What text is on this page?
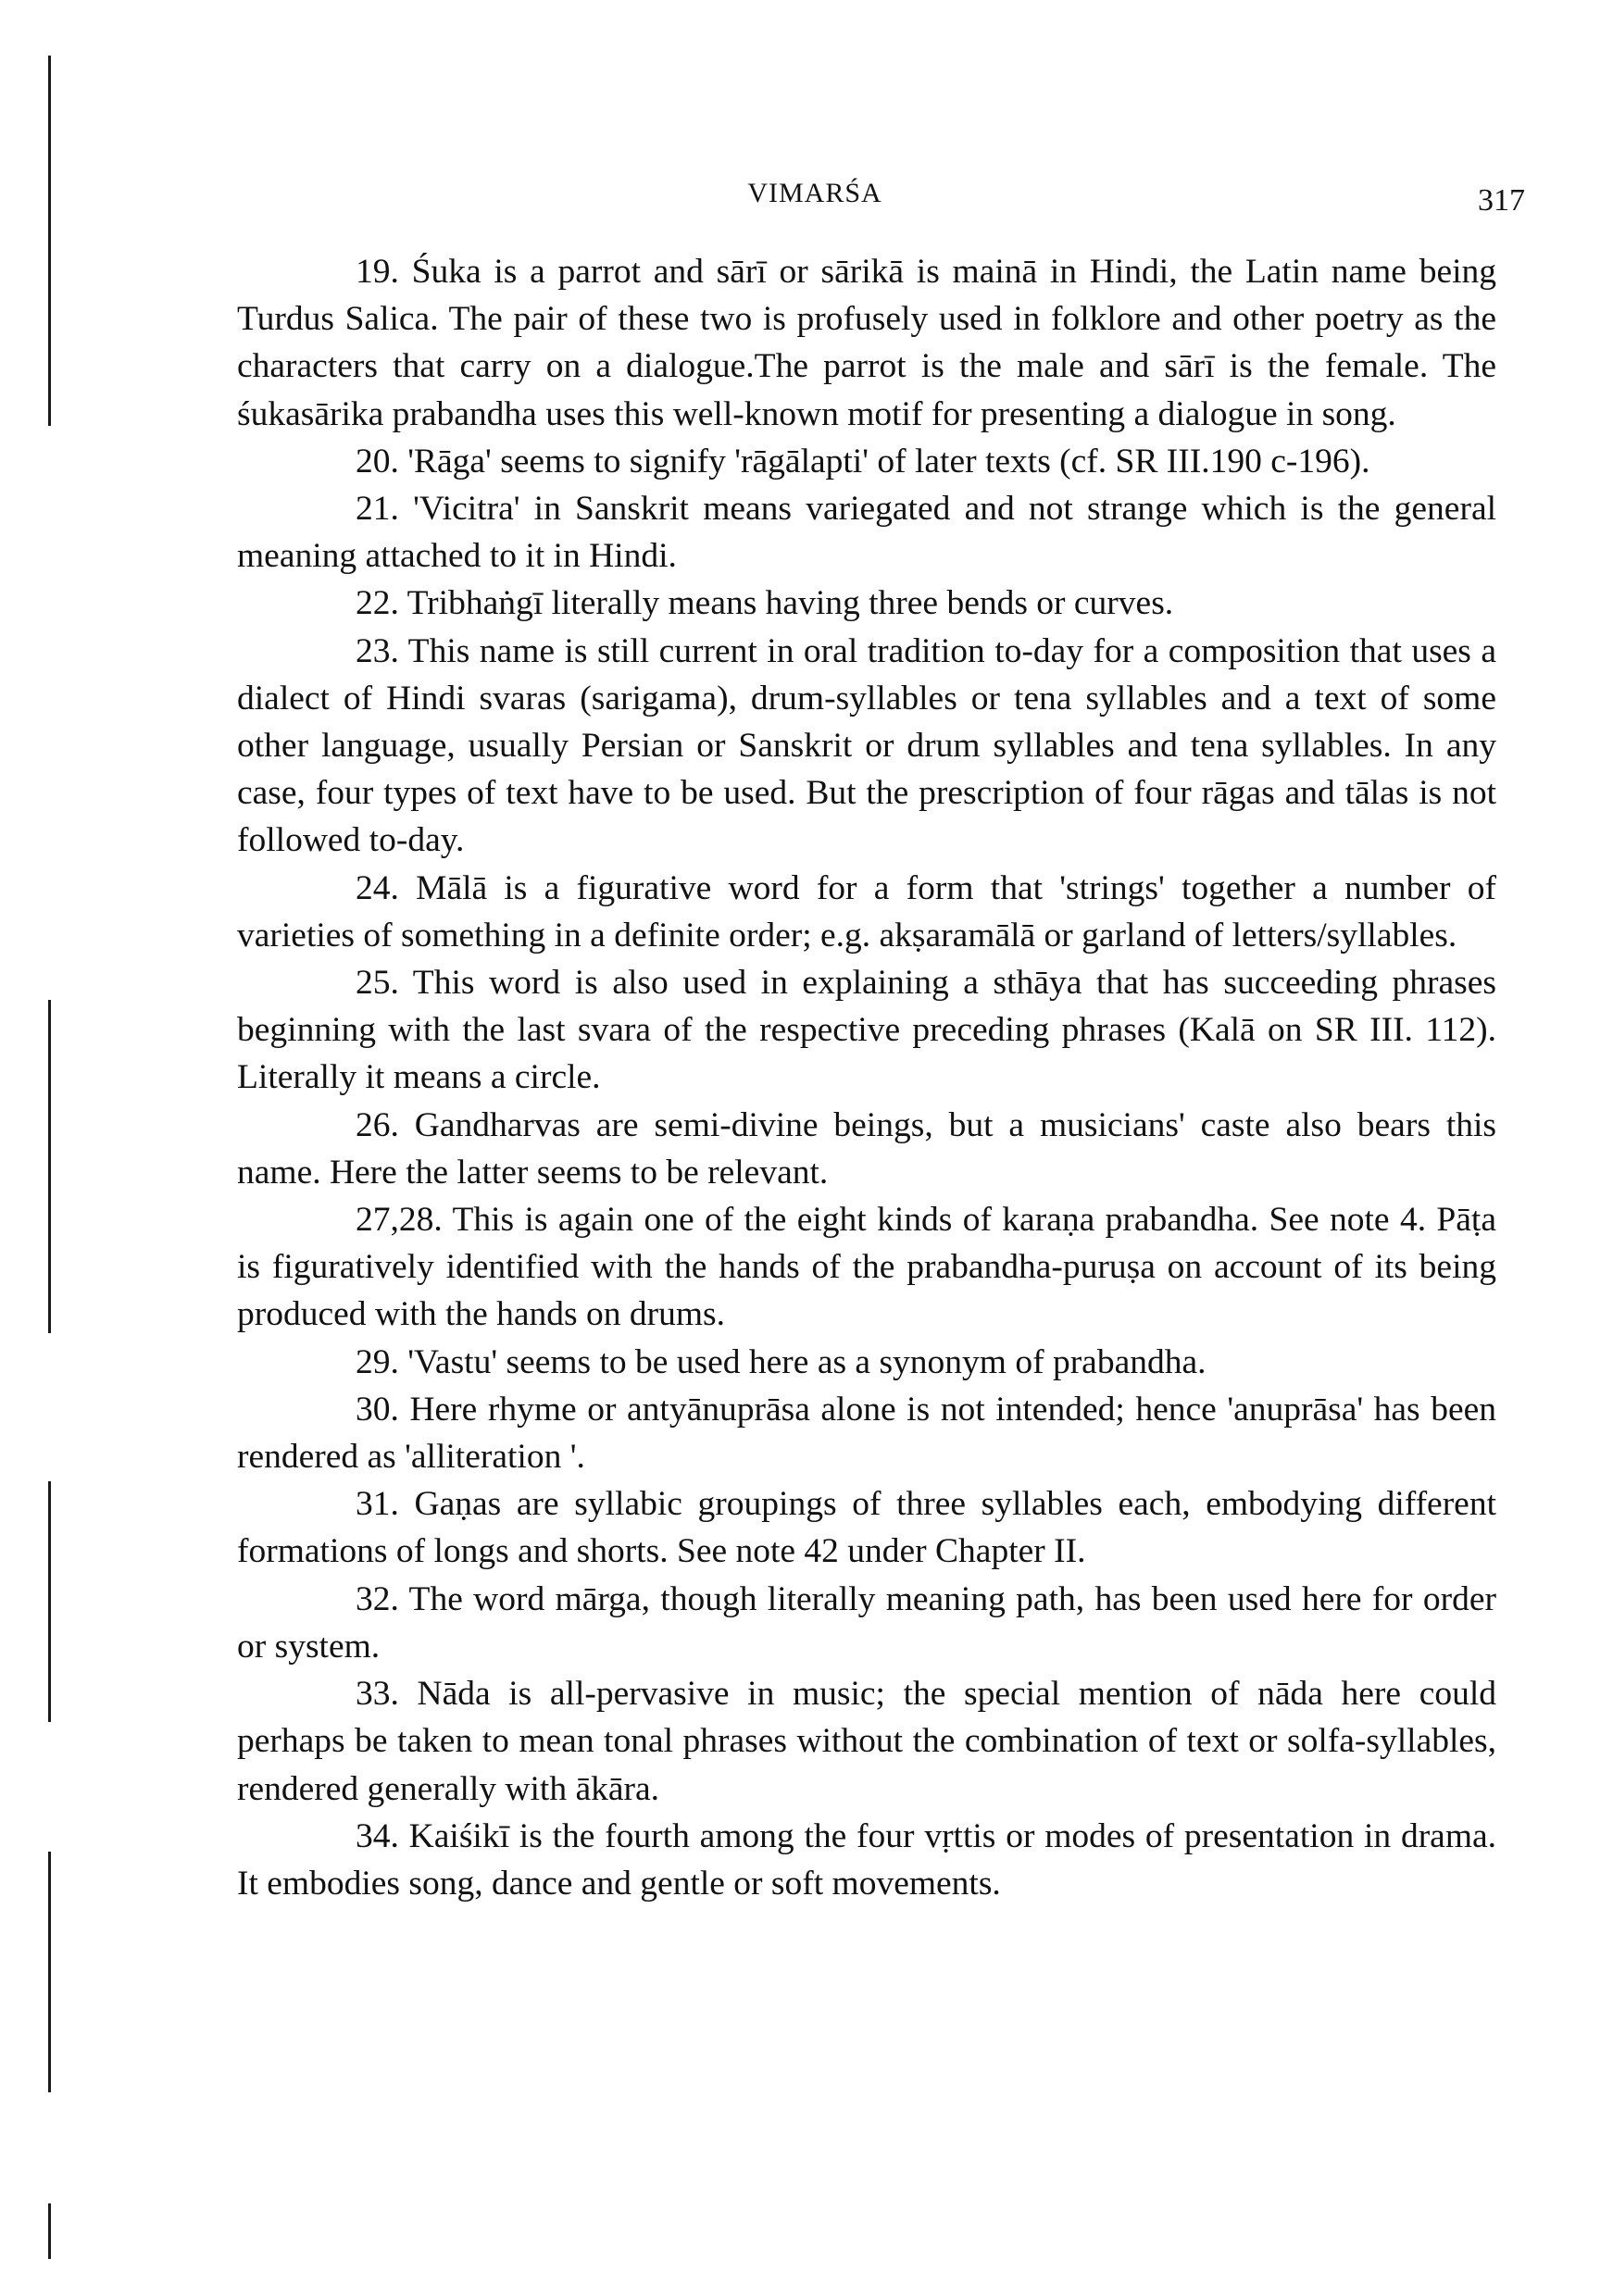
VIMARŚA	317

19. Śuka is a parrot and sārī or sārikā is mainā in Hindi, the Latin name being Turdus Salica. The pair of these two is profusely used in folklore and other poetry as the characters that carry on a dialogue.The parrot is the male and sārī is the female. The śukasārika prabandha uses this well-known motif for presenting a dialogue in song.

20. 'Rāga' seems to signify 'rāgālapti' of later texts (cf. SR III.190 c-196).

21. 'Vicitra' in Sanskrit means variegated and not strange which is the general meaning attached to it in Hindi.

22. Tribhaṅgī literally means having three bends or curves.

23. This name is still current in oral tradition to-day for a composition that uses a dialect of Hindi svaras (sarigama), drum-syllables or tena syllables and a text of some other language, usually Persian or Sanskrit or drum syllables and tena syllables. In any case, four types of text have to be used. But the prescription of four rāgas and tālas is not followed to-day.

24. Mālā is a figurative word for a form that 'strings' together a number of varieties of something in a definite order; e.g. akṣaramālā or garland of letters/syllables.

25. This word is also used in explaining a sthāya that has succeeding phrases beginning with the last svara of the respective preceding phrases (Kalā on SR III. 112). Literally it means a circle.

26. Gandharvas are semi-divine beings, but a musicians' caste also bears this name. Here the latter seems to be relevant.

27,28. This is again one of the eight kinds of karaṇa prabandha. See note 4. Pāṭa is figuratively identified with the hands of the prabandha-puruṣa on account of its being produced with the hands on drums.

29. 'Vastu' seems to be used here as a synonym of prabandha.

30. Here rhyme or antyānuprāsa alone is not intended; hence 'anuprāsa' has been rendered as 'alliteration '.

31. Gaṇas are syllabic groupings of three syllables each, embodying different formations of longs and shorts. See note 42 under Chapter II.

32. The word mārga, though literally meaning path, has been used here for order or system.

33. Nāda is all-pervasive in music; the special mention of nāda here could perhaps be taken to mean tonal phrases without the combination of text or solfa-syllables, rendered generally with ākāra.

34. Kaiśikī is the fourth among the four vṛttis or modes of presentation in drama. It embodies song, dance and gentle or soft movements.
